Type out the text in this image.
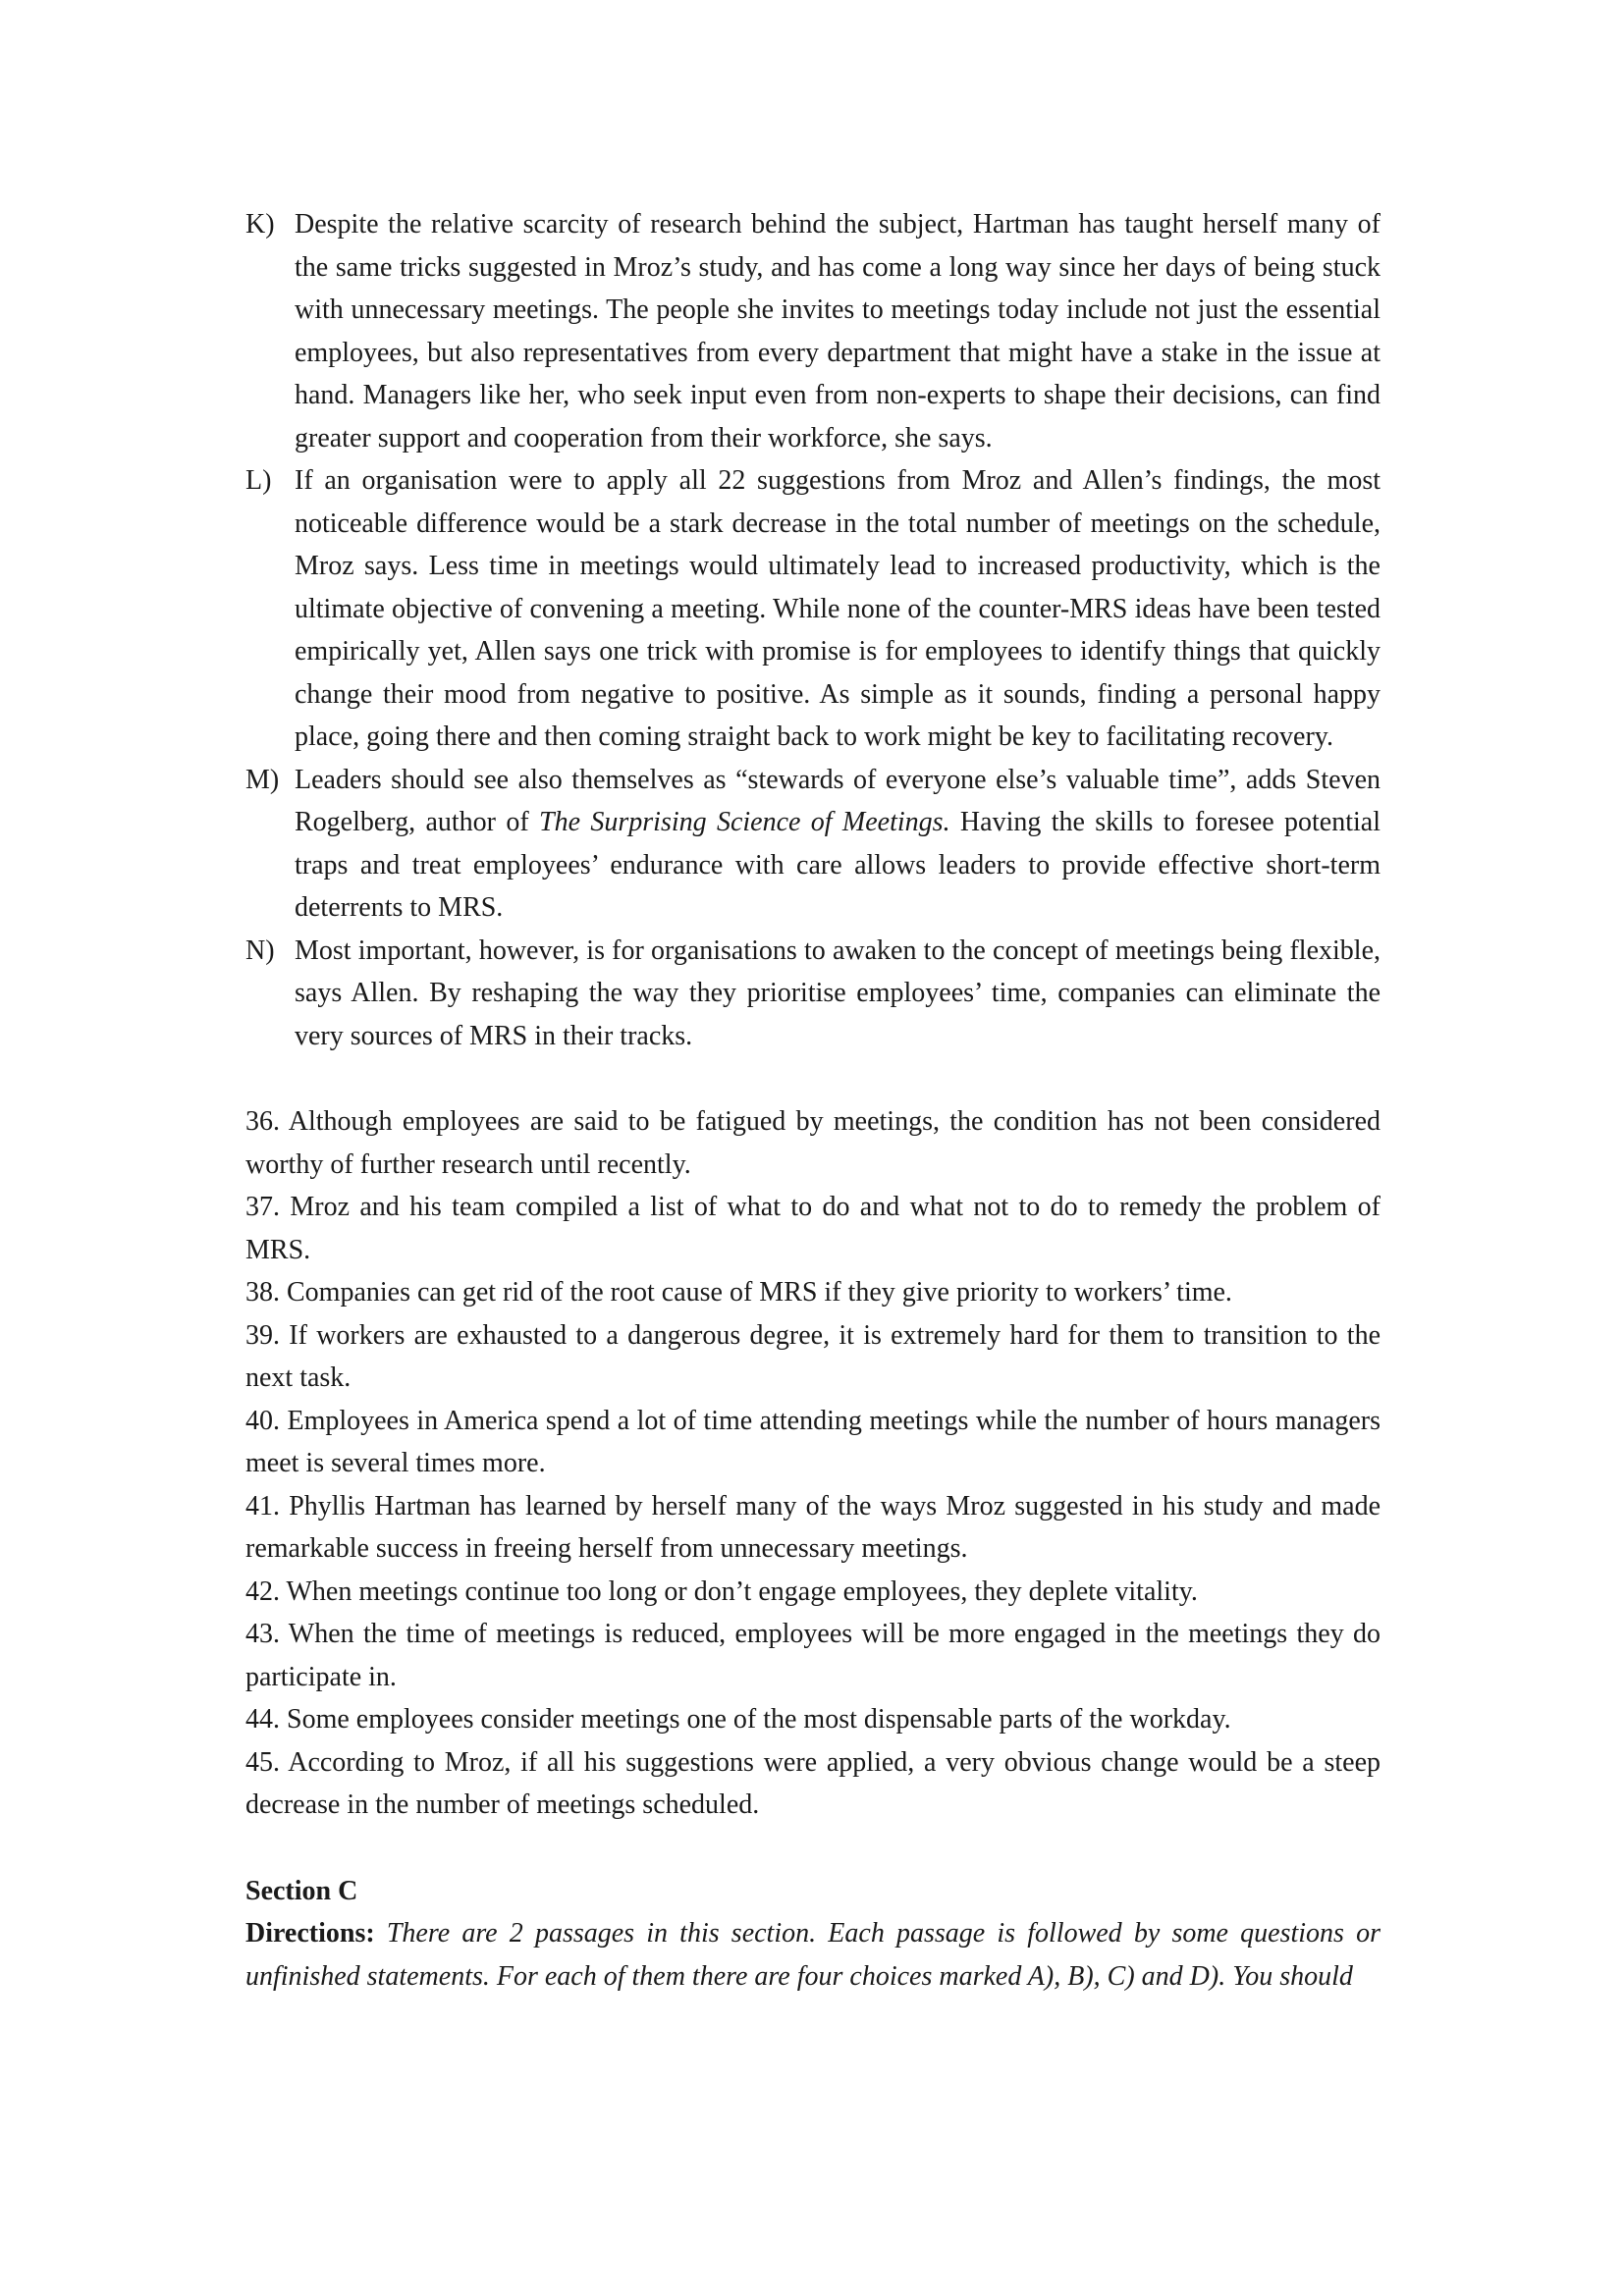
K) Despite the relative scarcity of research behind the subject, Hartman has taught herself many of the same tricks suggested in Mroz’s study, and has come a long way since her days of being stuck with unnecessary meetings. The people she invites to meetings today include not just the essential employees, but also representatives from every department that might have a stake in the issue at hand. Managers like her, who seek input even from non-experts to shape their decisions, can find greater support and cooperation from their workforce, she says.
L) If an organisation were to apply all 22 suggestions from Mroz and Allen’s findings, the most noticeable difference would be a stark decrease in the total number of meetings on the schedule, Mroz says. Less time in meetings would ultimately lead to increased productivity, which is the ultimate objective of convening a meeting. While none of the counter-MRS ideas have been tested empirically yet, Allen says one trick with promise is for employees to identify things that quickly change their mood from negative to positive. As simple as it sounds, finding a personal happy place, going there and then coming straight back to work might be key to facilitating recovery.
M) Leaders should see also themselves as “stewards of everyone else’s valuable time”, adds Steven Rogelberg, author of The Surprising Science of Meetings. Having the skills to foresee potential traps and treat employees’ endurance with care allows leaders to provide effective short-term deterrents to MRS.
N) Most important, however, is for organisations to awaken to the concept of meetings being flexible, says Allen. By reshaping the way they prioritise employees’ time, companies can eliminate the very sources of MRS in their tracks.
36. Although employees are said to be fatigued by meetings, the condition has not been considered worthy of further research until recently.
37. Mroz and his team compiled a list of what to do and what not to do to remedy the problem of MRS.
38. Companies can get rid of the root cause of MRS if they give priority to workers’ time.
39. If workers are exhausted to a dangerous degree, it is extremely hard for them to transition to the next task.
40. Employees in America spend a lot of time attending meetings while the number of hours managers meet is several times more.
41. Phyllis Hartman has learned by herself many of the ways Mroz suggested in his study and made remarkable success in freeing herself from unnecessary meetings.
42. When meetings continue too long or don’t engage employees, they deplete vitality.
43. When the time of meetings is reduced, employees will be more engaged in the meetings they do participate in.
44. Some employees consider meetings one of the most dispensable parts of the workday.
45. According to Mroz, if all his suggestions were applied, a very obvious change would be a steep decrease in the number of meetings scheduled.
Section C
Directions: There are 2 passages in this section. Each passage is followed by some questions or unfinished statements. For each of them there are four choices marked A), B), C) and D). You should
